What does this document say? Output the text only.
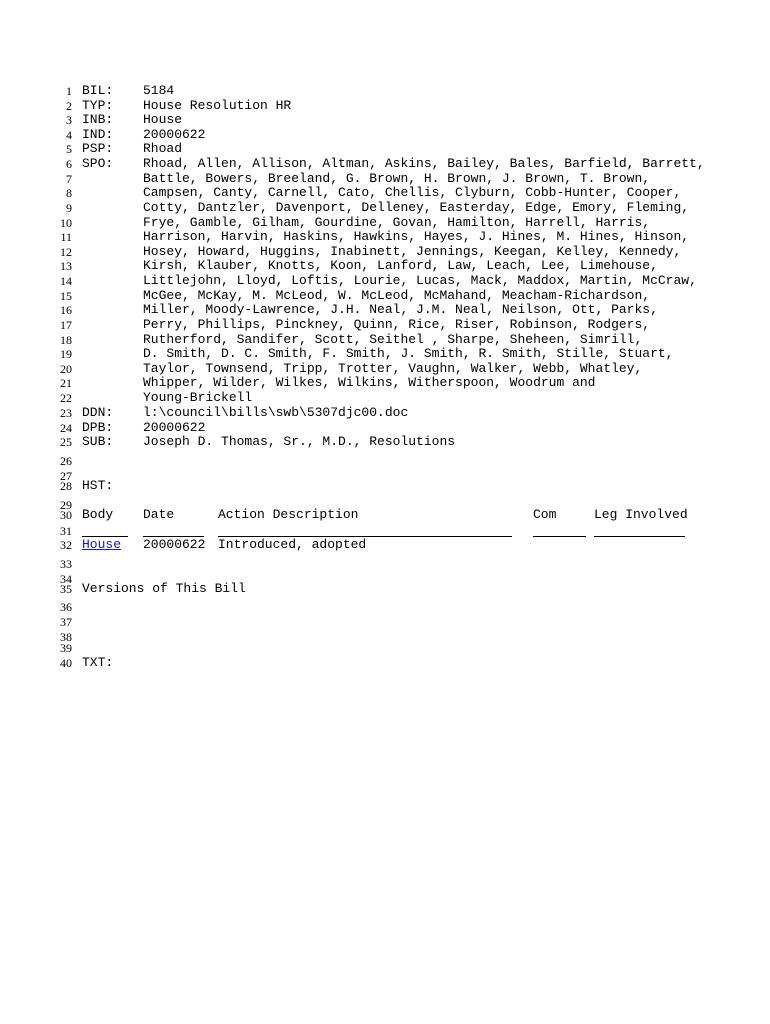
1
2
3
4
5
6
7
8
9
10
11
12
13
14
15
16
17
18
19
20
21
22
23
24
25
26
27
28
29
30
31
32
33
34
35
36
37
38
39
40
BIL: 5184
TYP: House Resolution HR
INB: House
IND: 20000622
PSP: Rhoad
SPO: Rhoad, Allen, Allison, Altman, Askins, Bailey, Bales, Barfield, Barrett,
Battle, Bowers, Breeland, G. Brown, H. Brown, J. Brown, T. Brown,
Campsen, Canty, Carnell, Cato, Chellis, Clyburn, Cobb-Hunter, Cooper,
Cotty, Dantzler, Davenport, Delleney, Easterday, Edge, Emory, Fleming,
Frye, Gamble, Gilham, Gourdine, Govan, Hamilton, Harrell, Harris,
Harrison, Harvin, Haskins, Hawkins, Hayes, J. Hines, M. Hines, Hinson,
Hosey, Howard, Huggins, Inabinett, Jennings, Keegan, Kelley, Kennedy,
Kirsh, Klauber, Knotts, Koon, Lanford, Law, Leach, Lee, Limehouse,
Littlejohn, Lloyd, Loftis, Lourie, Lucas, Mack, Maddox, Martin, McCraw,
McGee, McKay, M. McLeod, W. McLeod, McMahand, Meacham-Richardson,
Miller, Moody-Lawrence, J.H. Neal, J.M. Neal, Neilson, Ott, Parks,
Perry, Phillips, Pinckney, Quinn, Rice, Riser, Robinson, Rodgers,
Rutherford, Sandifer, Scott, Seithel , Sharpe, Sheheen, Simrill,
D. Smith, D. C. Smith, F. Smith, J. Smith, R. Smith, Stille, Stuart,
Taylor, Townsend, Tripp, Trotter, Vaughn, Walker, Webb, Whatley,
Whipper, Wilder, Wilkes, Wilkins, Witherspoon, Woodrum and
Young-Brickell
DDN: l:\council\bills\swb\5307djc00.doc
DPB: 20000622
SUB: Joseph D. Thomas, Sr., M.D., Resolutions
HST:
Body Date	Action Description	Com	Leg Involved
House 20000622 Introduced, adopted
Versions of This Bill
TXT:
